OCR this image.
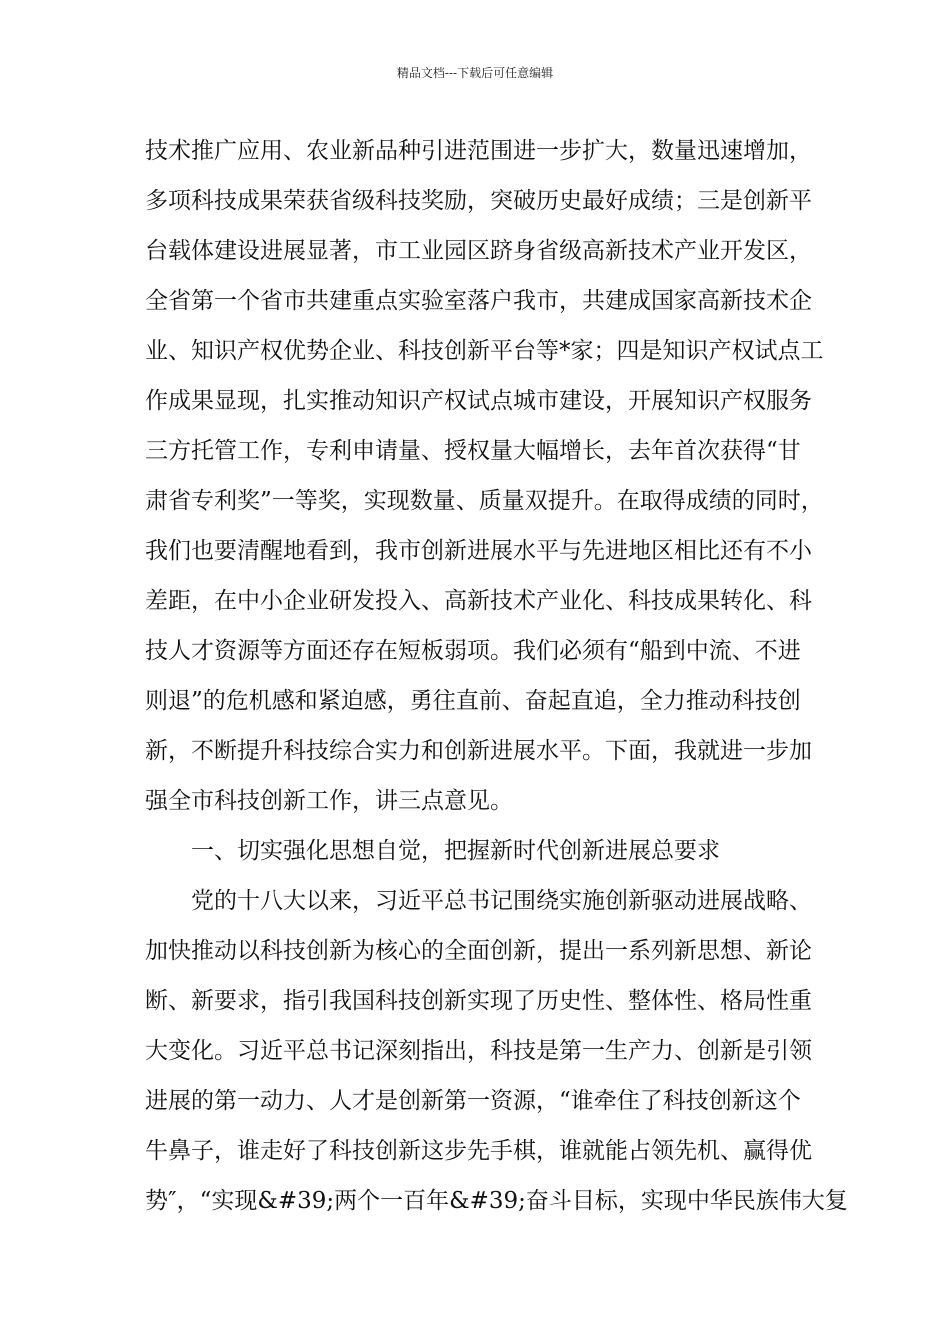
精品文档---下载后可任意编辑
技术推广应用、农业新品种引进范围进一步扩大，数量迅速增加，
多项科技成果荣获省级科技奖励，突破历史最好成绩；三是创新平
台载体建设进展显著，市工业园区跻身省级高新技术产业开发区，
全省第一个省市共建重点实验室落户我市，共建成国家高新技术企
业、知识产权优势企业、科技创新平台等*家；四是知识产权试点工
作成果显现，扎实推动知识产权试点城市建设，开展知识产权服务
三方托管工作，专利申请量、授权量大幅增长，去年首次获得“甘
肃省专利奖”一等奖，实现数量、质量双提升。在取得成绩的同时，
我们也要清醒地看到，我市创新进展水平与先进地区相比还有不小
差距，在中小企业研发投入、高新技术产业化、科技成果转化、科
技人才资源等方面还存在短板弱项。我们必须有“船到中流、不进
则退”的危机感和紧迫感，勇往直前、奋起直追，全力推动科技创
新，不断提升科技综合实力和创新进展水平。下面，我就进一步加
强全市科技创新工作，讲三点意见。
一、切实强化思想自觉，把握新时代创新进展总要求
党的十八大以来，习近平总书记围绕实施创新驱动进展战略、
加快推动以科技创新为核心的全面创新，提出一系列新思想、新论
断、新要求，指引我国科技创新实现了历史性、整体性、格局性重
大变化。习近平总书记深刻指出，科技是第一生产力、创新是引领
进展的第一动力、人才是创新第一资源，“谁牵住了科技创新这个
牛鼻子，谁走好了科技创新这步先手棋，谁就能占领先机、赢得优
势″，“实现&#39;两个一百年&#39;奋斗目标，实现中华民族伟大复
